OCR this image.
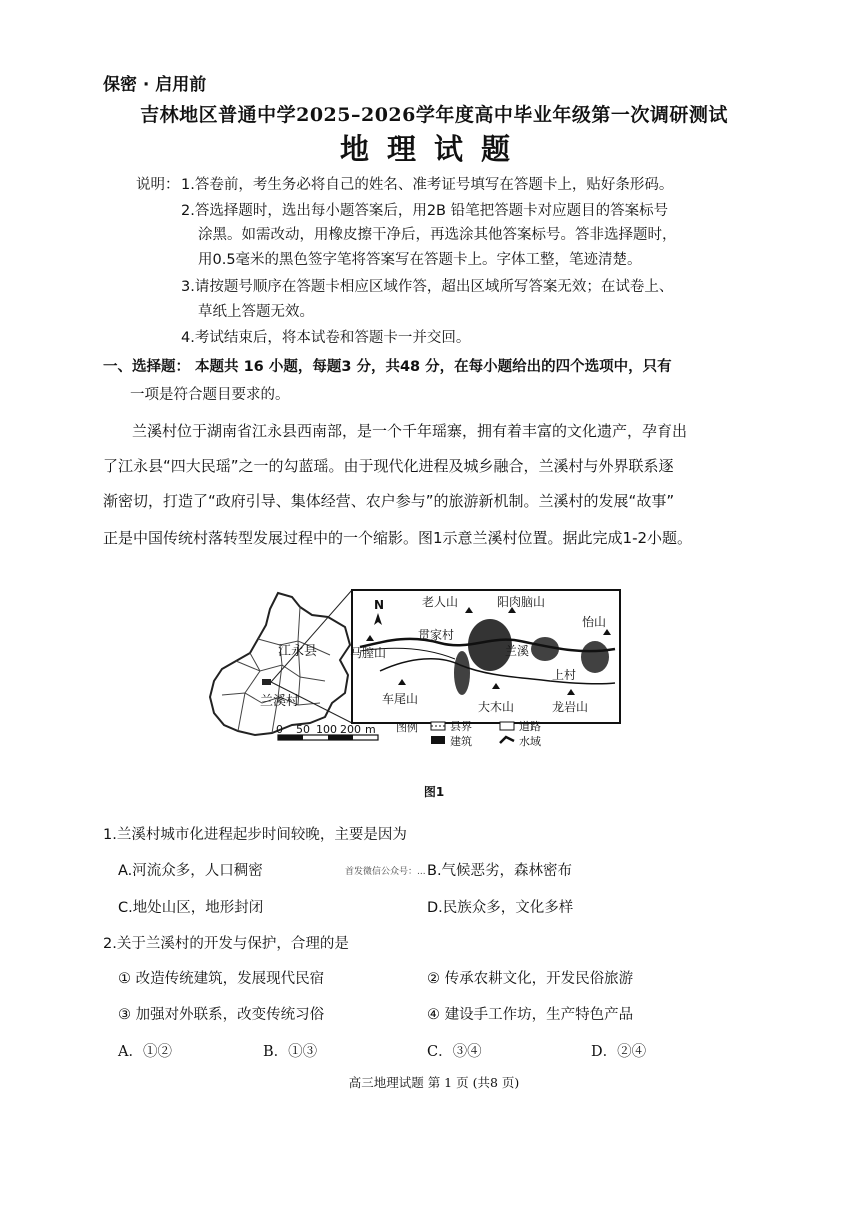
保密 · 启用前
吉林地区普通中学2025–2026学年度高中毕业年级第一次调研测试
地理试题
说明： 1.答卷前，考生务必将自己的姓名、准考证号填写在答题卡上，贴好条形码。
2.答选择题时，选出每小题答案后，用2B 铅笔把答题卡对应题目的答案标号
涂黑。如需改动，用橡皮擦干净后，再选涂其他答案标号。答非选择题时，
用0.5毫米的黑色签字笔将答案写在答题卡上。字体工整，笔迹清楚。
3.请按题号顺序在答题卡相应区域作答，超出区域所写答案无效；在试卷上、
草纸上答题无效。
4.考试结束后，将本试卷和答题卡一并交回。
一、选择题： 本题共 16 小题，每题3 分，共48 分，在每小题给出的四个选项中，只有
一项是符合题目要求的。
兰溪村位于湖南省江永县西南部，是一个千年瑶寨，拥有着丰富的文化遗产，孕育出
了江永县“四大民瑶”之一的勾蓝瑶。由于现代化进程及城乡融合，兰溪村与外界联系逐
渐密切，打造了“政府引导、集体经营、农户参与”的旅游新机制。兰溪村的发展“故事”
正是中国传统村落转型发展过程中的一个缩影。图1示意兰溪村位置。据此完成1-2小题。
江永县
兰溪村
N	老人山	阳肉脑山
怡山
马膣山
车尾山
大木山	龙岩山
贯家村
兰溪
上村
0 50 100 200 m 图例	县界	道路
建筑	水域
图1
1.兰溪村城市化进程起步时间较晚，主要是因为
A.河流众多，人口稠密	B.气候恶劣，森林密布
C.地处山区，地形封闭	D.民族众多，文化多样
首发微信公众号：...
2.关于兰溪村的开发与保护，合理的是
① 改造传统建筑，发展现代民宿	② 传承农耕文化，开发民俗旅游
③ 加强对外联系，改变传统习俗	④ 建设手工作坊，生产特色产品
A．①②	B．①③	C．③④	D．②④
高三地理试题 第 1 页 (共8 页)
